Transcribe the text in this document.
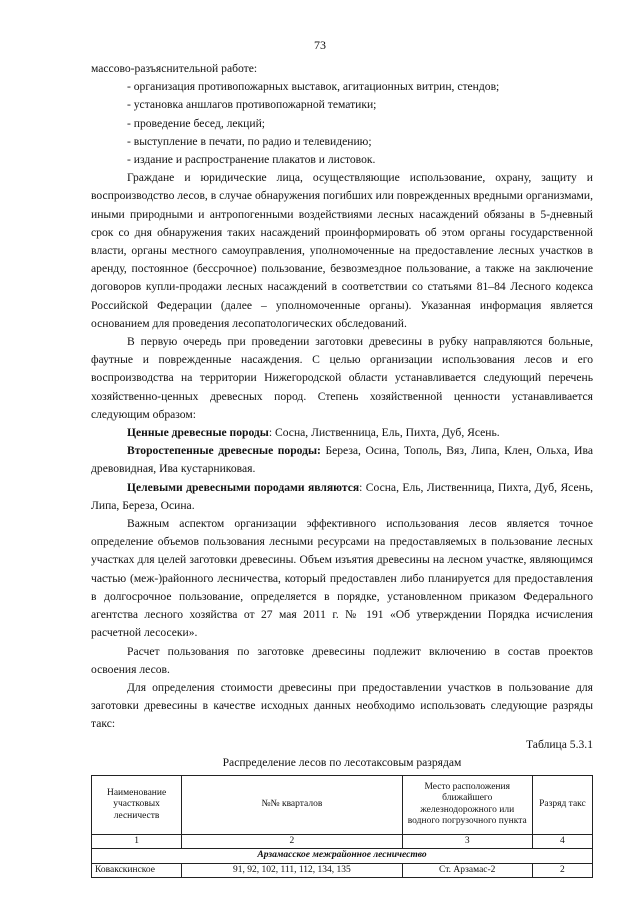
73

массово-разъяснительной работе:

- организация противопожарных выставок, агитационных витрин, стендов;

- установка аншлагов противопожарной тематики;

- проведение бесед, лекций;

- выступление в печати, по радио и телевидению;

- издание и распространение плакатов и листовок.

Граждане и юридические лица, осуществляющие использование, охрану, защиту и воспроизводство лесов, в случае обнаружения погибших или поврежденных вредными организмами, иными природными и антропогенными воздействиями лесных насаждений обязаны в 5-дневный срок со дня обнаружения таких насаждений проинформировать об этом органы государственной власти, органы местного самоуправления, уполномоченные на предоставление лесных участков в аренду, постоянное (бессрочное) пользование, безвозмездное пользование, а также на заключение договоров купли-продажи лесных насаждений в соответствии со статьями 81–84 Лесного кодекса Российской Федерации (далее – уполномоченные органы). Указанная информация является основанием для проведения лесопатологических обследований.

В первую очередь при проведении заготовки древесины в рубку направляются больные, фаутные и поврежденные насаждения. С целью организации использования лесов и его воспроизводства на территории Нижегородской области устанавливается следующий перечень хозяйственно-ценных древесных пород. Степень хозяйственной ценности устанавливается следующим образом:

Ценные древесные породы: Сосна, Лиственница, Ель, Пихта, Дуб, Ясень.

Второстепенные древесные породы: Береза, Осина, Тополь, Вяз, Липа, Клен, Ольха, Ива древовидная, Ива кустарниковая.

Целевыми древесными породами являются: Сосна, Ель, Лиственница, Пихта, Дуб, Ясень, Липа, Береза, Осина.

Важным аспектом организации эффективного использования лесов является точное определение объемов пользования лесными ресурсами на предоставляемых в пользование лесных участках для целей заготовки древесины. Объем изъятия древесины на лесном участке, являющимся частью (меж-)районного лесничества, который предоставлен либо планируется для предоставления в долгосрочное пользование, определяется в порядке, установленном приказом Федерального агентства лесного хозяйства от 27 мая 2011 г. № 191 «Об утверждении Порядка исчисления расчетной лесосеки».

Расчет пользования по заготовке древесины подлежит включению в состав проектов освоения лесов.

Для определения стоимости древесины при предоставлении участков в пользование для заготовки древесины в качестве исходных данных необходимо использовать следующие разряды такс:

Таблица 5.3.1

Распределение лесов по лесотаксовым разрядам

Наименование участковых лесничеств	№№ кварталов	Место расположения ближайшего железнодорожного или водного погрузочного пункта	Разряд такс
1	2	3	4
Арзамасское межрайонное лесничество			
Ковакскинское	91, 92, 102, 111, 112, 134, 135	Ст. Арзамас-2	2
